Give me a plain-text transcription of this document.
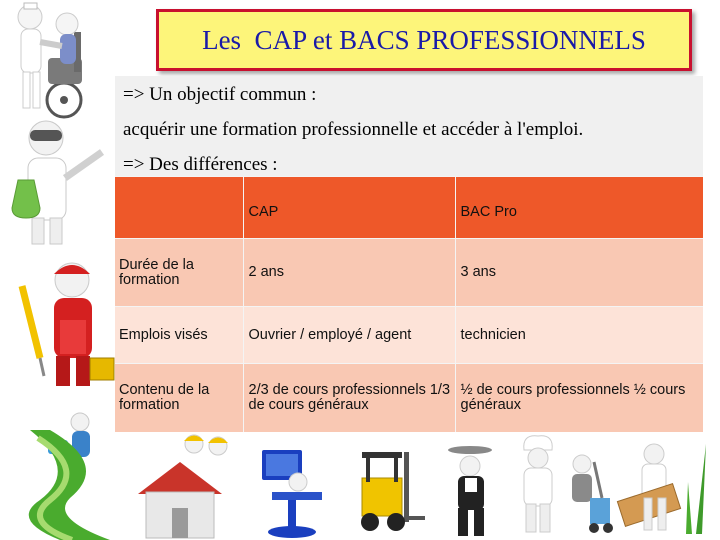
Les  CAP et BACS PROFESSIONNELS
=> Un objectif commun :
acquérir une formation professionnelle et accéder à l'emploi.
=> Des différences :
	CAP	BAC Pro
Durée de la formation	2 ans	3 ans
Emplois visés	Ouvrier / employé / agent	technicien
Contenu de la formation	2/3 de cours professionnels 1/3 de cours généraux	½ de cours professionnels ½ cours généraux
